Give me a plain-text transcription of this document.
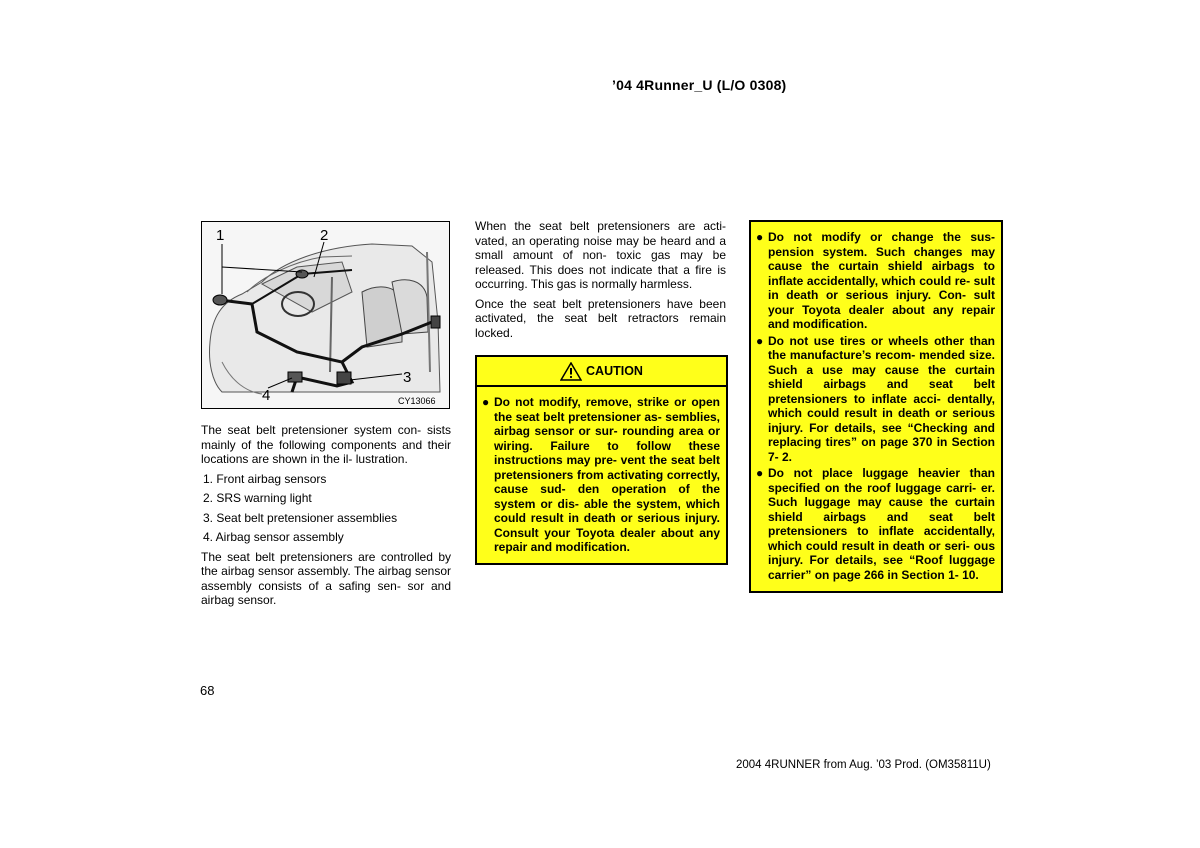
’04 4Runner_U (L/O 0308)
1	2
3
4	CY13066

The seat belt pretensioner system con- sists mainly of the following components and their locations are shown in the il- lustration.

1. Front airbag sensors
2. SRS warning light
3. Seat belt pretensioner assemblies
4. Airbag sensor assembly

The seat belt pretensioners are controlled by the airbag sensor assembly. The airbag sensor assembly consists of a safing sen- sor and airbag sensor.

When the seat belt pretensioners are acti- vated, an operating noise may be heard and a small amount of non- toxic gas may be released. This does not indicate that a fire is occurring. This gas is normally harmless.

Once the seat belt pretensioners have been activated, the seat belt retractors remain locked.

CAUTION
● Do not modify, remove, strike or open the seat belt pretensioner as- semblies, airbag sensor or sur- rounding area or wiring. Failure to follow these instructions may pre- vent the seat belt pretensioners from activating correctly, cause sud- den operation of the system or dis- able the system, which could result in death or serious injury. Consult your Toyota dealer about any repair and modification.
● Do not modify or change the sus- pension system. Such changes may cause the curtain shield airbags to inflate accidentally, which could re- sult in death or serious injury. Con- sult your Toyota dealer about any repair and modification.
● Do not use tires or wheels other than the manufacture’s recom- mended size. Such a use may cause the curtain shield airbags and seat belt pretensioners to inflate acci- dentally, which could result in death or serious injury. For details, see “Checking and replacing tires” on page 370 in Section 7- 2.
● Do not place luggage heavier than specified on the roof luggage carri- er. Such luggage may cause the curtain shield airbags and seat belt pretensioners to inflate accidentally, which could result in death or seri- ous injury. For details, see “Roof luggage carrier” on page 266 in Section 1- 10.
68
2004 4RUNNER from Aug. ’03 Prod. (OM35811U)
